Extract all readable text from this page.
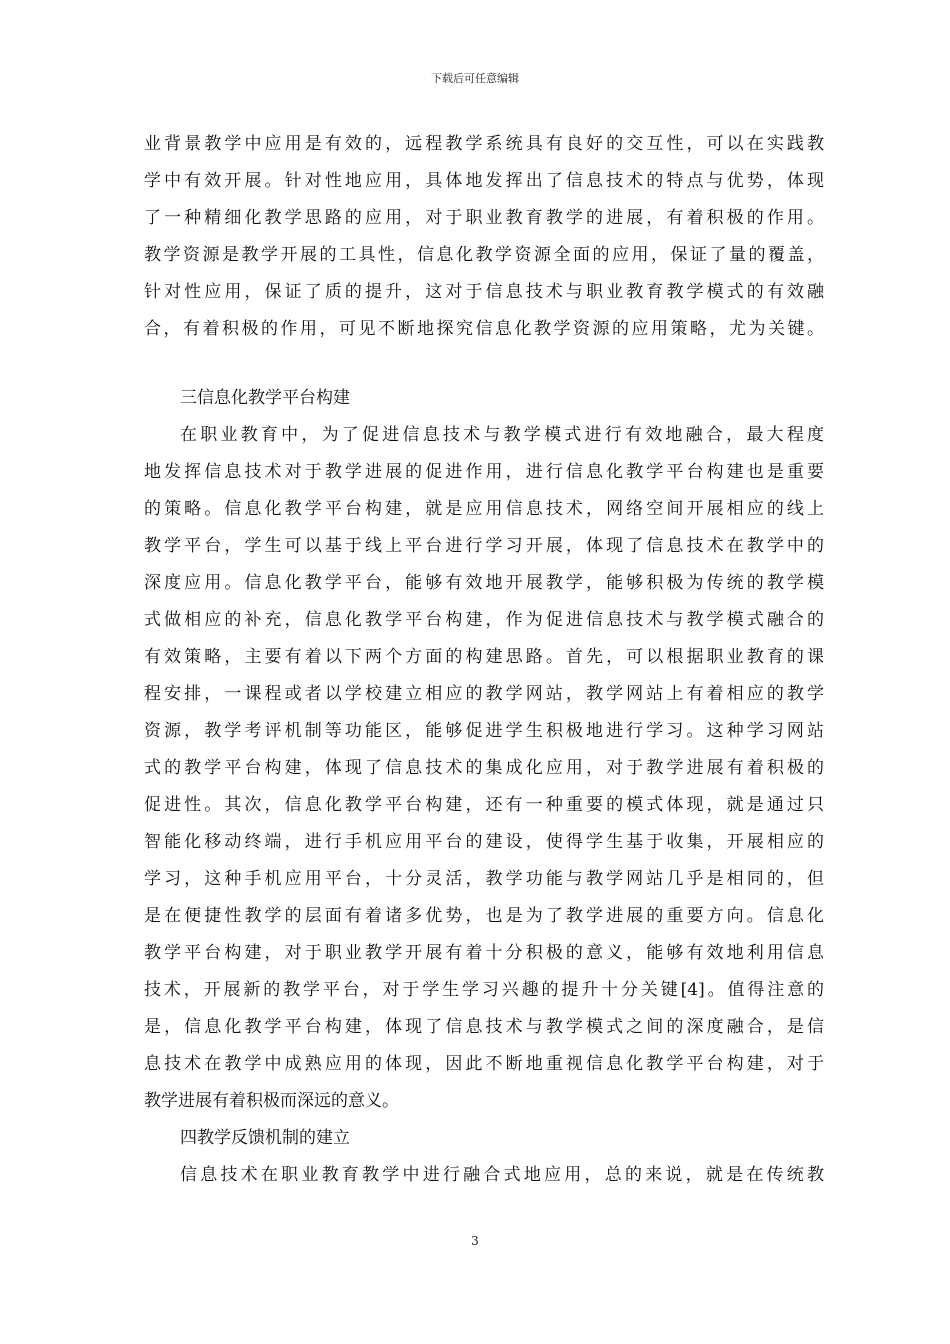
下载后可任意编辑
业背景教学中应用是有效的，远程教学系统具有良好的交互性，可以在实践教
学中有效开展。针对性地应用，具体地发挥出了信息技术的特点与优势，体现
了一种精细化教学思路的应用，对于职业教育教学的进展，有着积极的作用。
教学资源是教学开展的工具性，信息化教学资源全面的应用，保证了量的覆盖，
针对性应用，保证了质的提升，这对于信息技术与职业教育教学模式的有效融
合，有着积极的作用，可见不断地探究信息化教学资源的应用策略，尤为关键。
三信息化教学平台构建
在职业教育中，为了促进信息技术与教学模式进行有效地融合，最大程度
地发挥信息技术对于教学进展的促进作用，进行信息化教学平台构建也是重要
的策略。信息化教学平台构建，就是应用信息技术，网络空间开展相应的线上
教学平台，学生可以基于线上平台进行学习开展，体现了信息技术在教学中的
深度应用。信息化教学平台，能够有效地开展教学，能够积极为传统的教学模
式做相应的补充，信息化教学平台构建，作为促进信息技术与教学模式融合的
有效策略，主要有着以下两个方面的构建思路。首先，可以根据职业教育的课
程安排，一课程或者以学校建立相应的教学网站，教学网站上有着相应的教学
资源，教学考评机制等功能区，能够促进学生积极地进行学习。这种学习网站
式的教学平台构建，体现了信息技术的集成化应用，对于教学进展有着积极的
促进性。其次，信息化教学平台构建，还有一种重要的模式体现，就是通过只
智能化移动终端，进行手机应用平台的建设，使得学生基于收集，开展相应的
学习，这种手机应用平台，十分灵活，教学功能与教学网站几乎是相同的，但
是在便捷性教学的层面有着诸多优势，也是为了教学进展的重要方向。信息化
教学平台构建，对于职业教学开展有着十分积极的意义，能够有效地利用信息
技术，开展新的教学平台，对于学生学习兴趣的提升十分关键[4]。值得注意的
是，信息化教学平台构建，体现了信息技术与教学模式之间的深度融合，是信
息技术在教学中成熟应用的体现，因此不断地重视信息化教学平台构建，对于
教学进展有着积极而深远的意义。
四教学反馈机制的建立
信息技术在职业教育教学中进行融合式地应用，总的来说，就是在传统教
3
